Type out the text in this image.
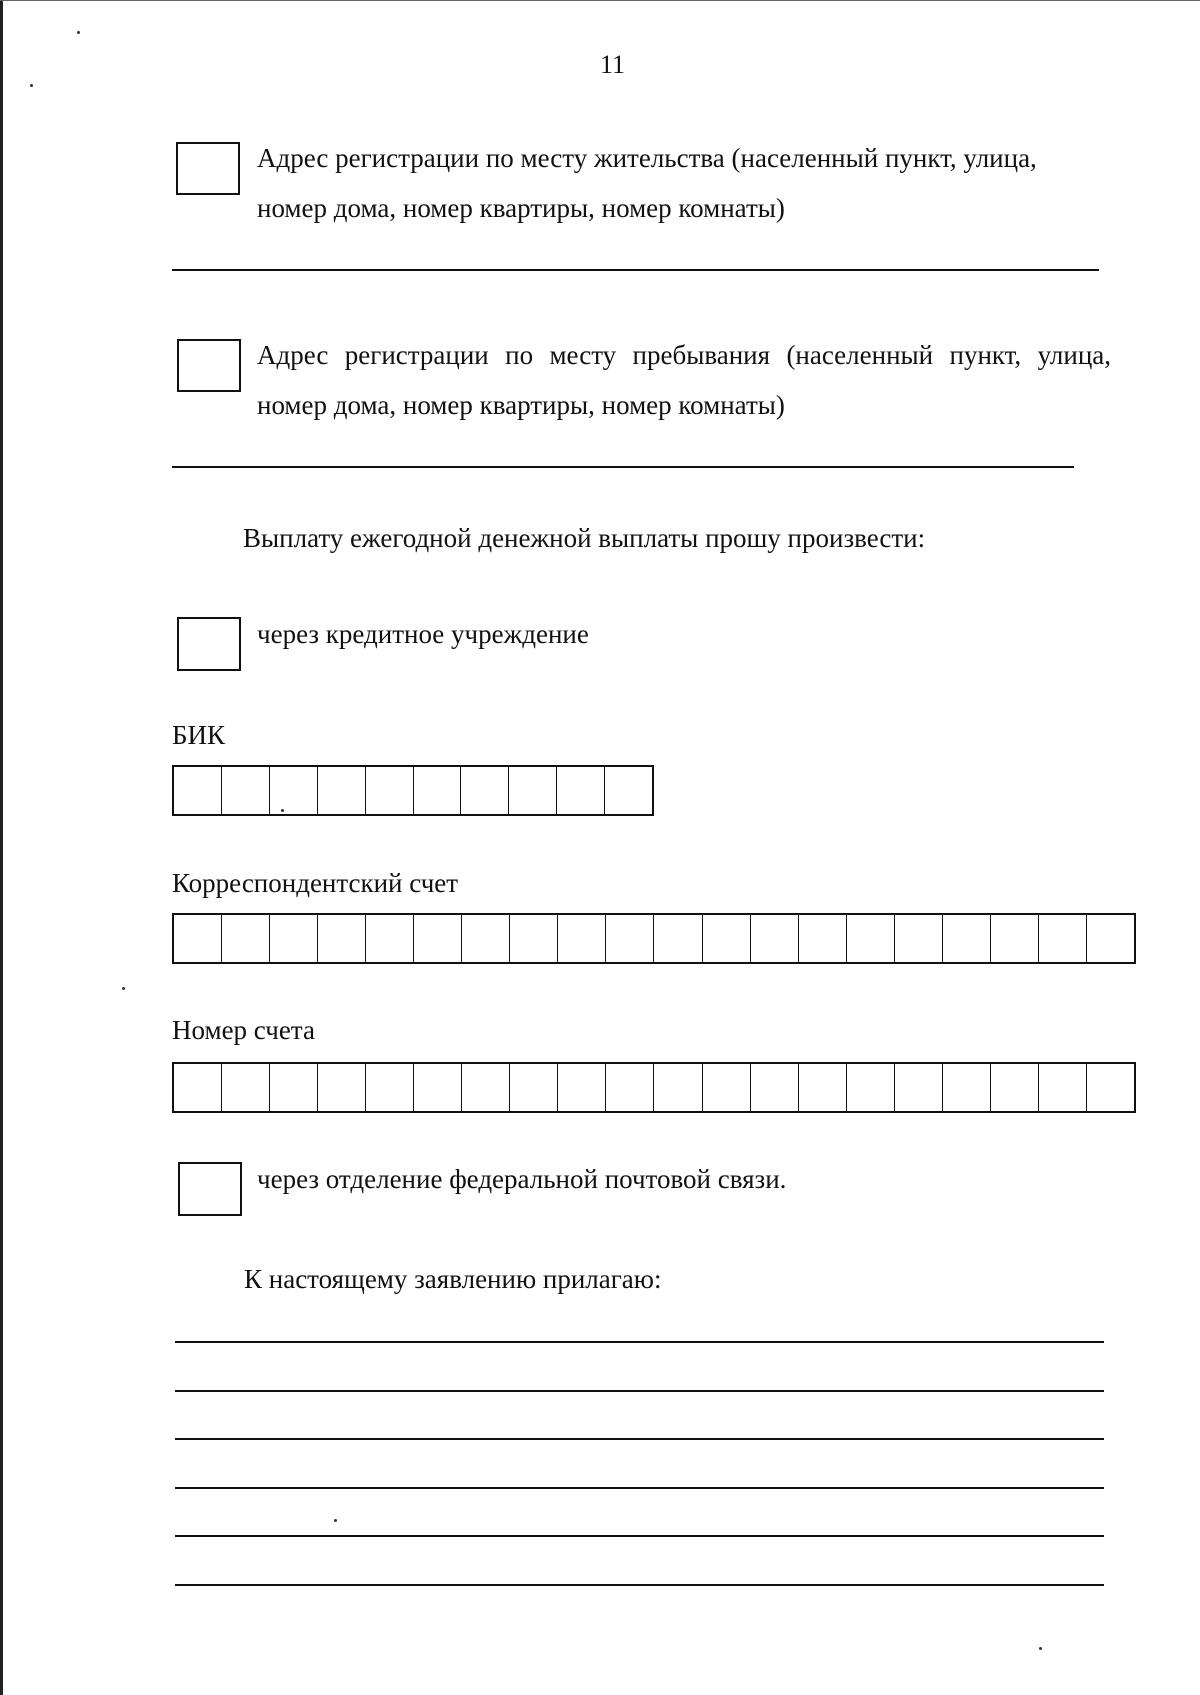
11
Адрес регистрации по месту жительства (населенный пункт, улица,
номер дома, номер квартиры, номер комнаты)
Адрес регистрации по месту пребывания (населенный пункт, улица,
номер дома, номер квартиры, номер комнаты)
Выплату ежегодной денежной выплаты прошу произвести:
через кредитное учреждение
БИК
Корреспондентский счет
Номер счета
через отделение федеральной почтовой связи.
К настоящему заявлению прилагаю:
